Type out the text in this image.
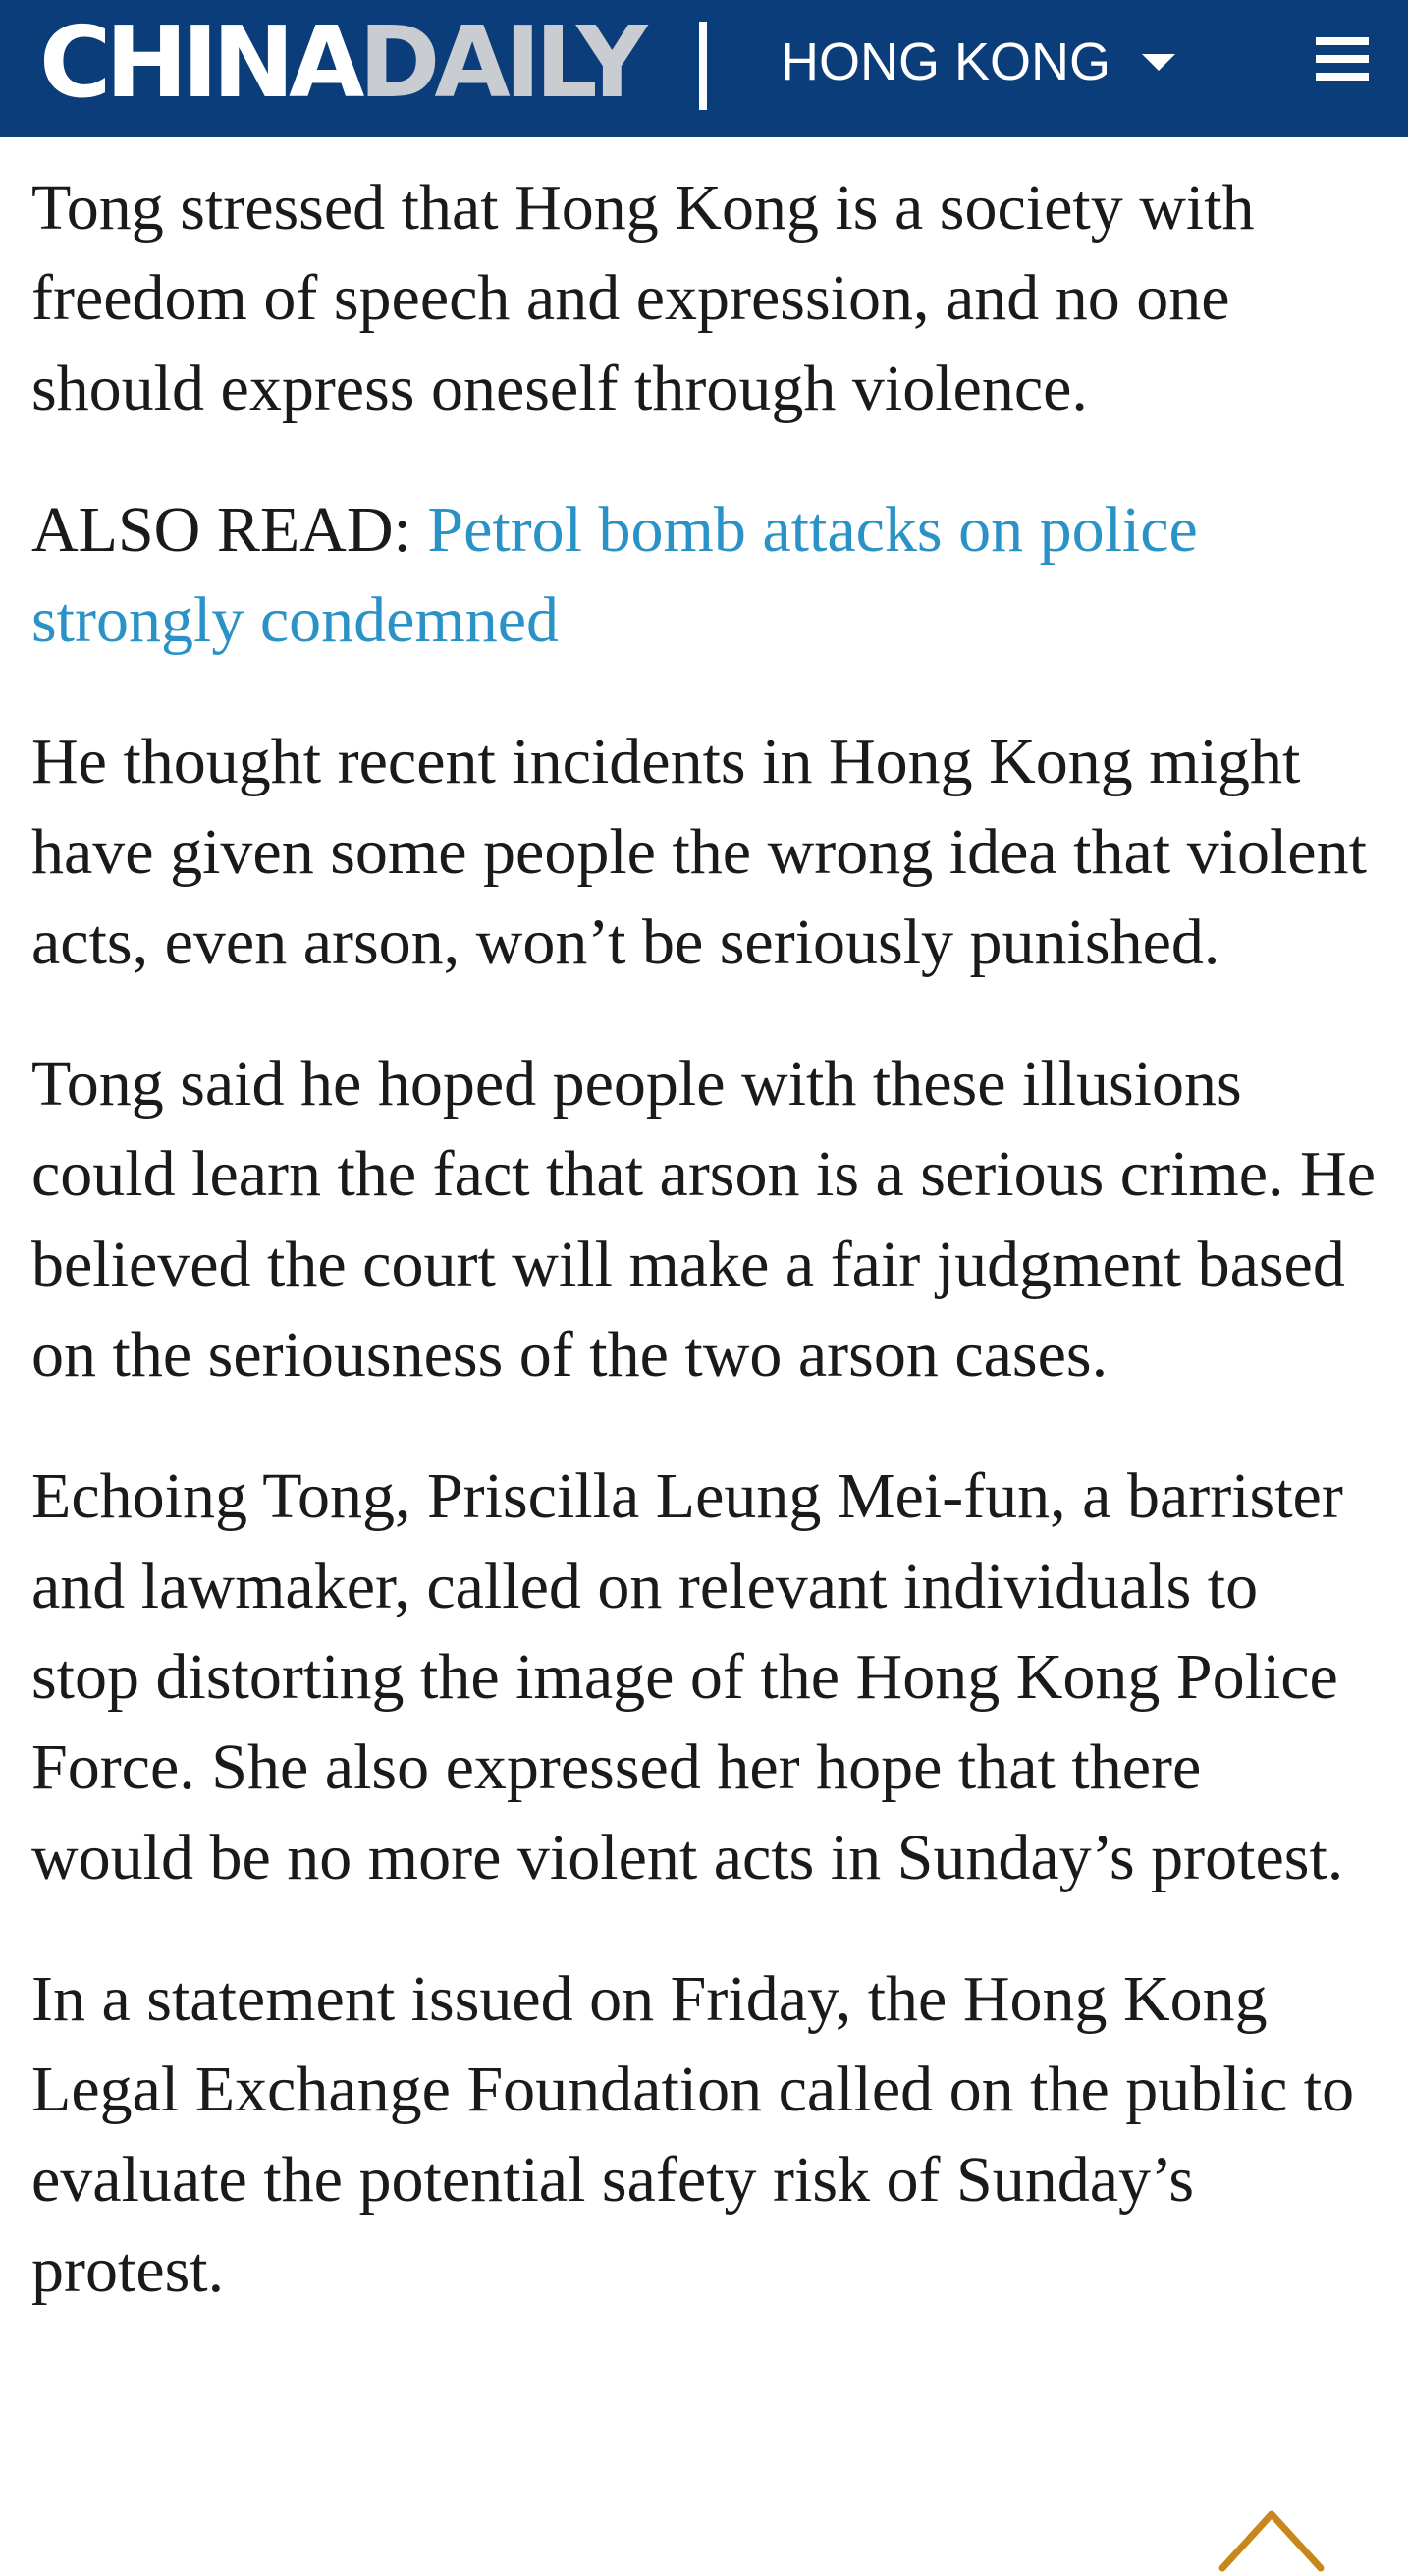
CHINADAILY	HONG KONG

Tong stressed that Hong Kong is a society with freedom of speech and expression, and no one should express oneself through violence.

ALSO READ: Petrol bomb attacks on police strongly condemned

He thought recent incidents in Hong Kong might have given some people the wrong idea that violent acts, even arson, won’t be seriously punished.

Tong said he hoped people with these illusions could learn the fact that arson is a serious crime. He believed the court will make a fair judgment based on the seriousness of the two arson cases.

Echoing Tong, Priscilla Leung Mei-fun, a barrister and lawmaker, called on relevant individuals to stop distorting the image of the Hong Kong Police Force. She also expressed her hope that there would be no more violent acts in Sunday’s protest.

In a statement issued on Friday, the Hong Kong Legal Exchange Foundation called on the public to evaluate the potential safety risk of Sunday’s protest.
